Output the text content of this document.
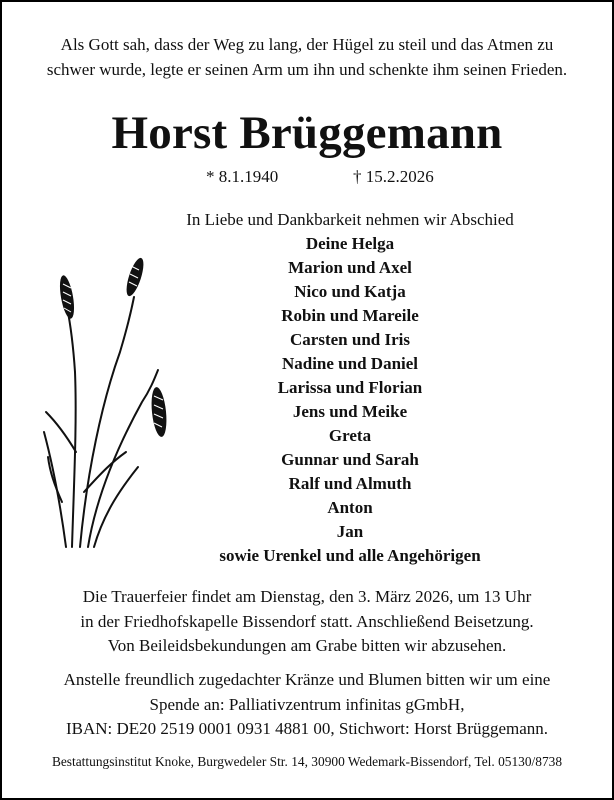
Als Gott sah, dass der Weg zu lang, der Hügel zu steil und das Atmen zu
schwer wurde, legte er seinen Arm um ihn und schenkte ihm seinen Frieden.
Horst Brüggemann
* 8.1.1940	† 15.2.2026
In Liebe und Dankbarkeit nehmen wir Abschied
Deine Helga
Marion und Axel
Nico und Katja
Robin und Mareile
Carsten und Iris
Nadine und Daniel
Larissa und Florian
Jens und Meike
Greta
Gunnar und Sarah
Ralf und Almuth
Anton
Jan
sowie Urenkel und alle Angehörigen
Die Trauerfeier findet am Dienstag, den 3. März 2026, um 13 Uhr
in der Friedhofskapelle Bissendorf statt. Anschließend Beisetzung.
Von Beileidsbekundungen am Grabe bitten wir abzusehen.
Anstelle freundlich zugedachter Kränze und Blumen bitten wir um eine
Spende an: Palliativzentrum infinitas gGmbH,
IBAN: DE20 2519 0001 0931 4881 00, Stichwort: Horst Brüggemann.
Bestattungsinstitut Knoke, Burgwedeler Str. 14, 30900 Wedemark-Bissendorf, Tel. 05130/8738
